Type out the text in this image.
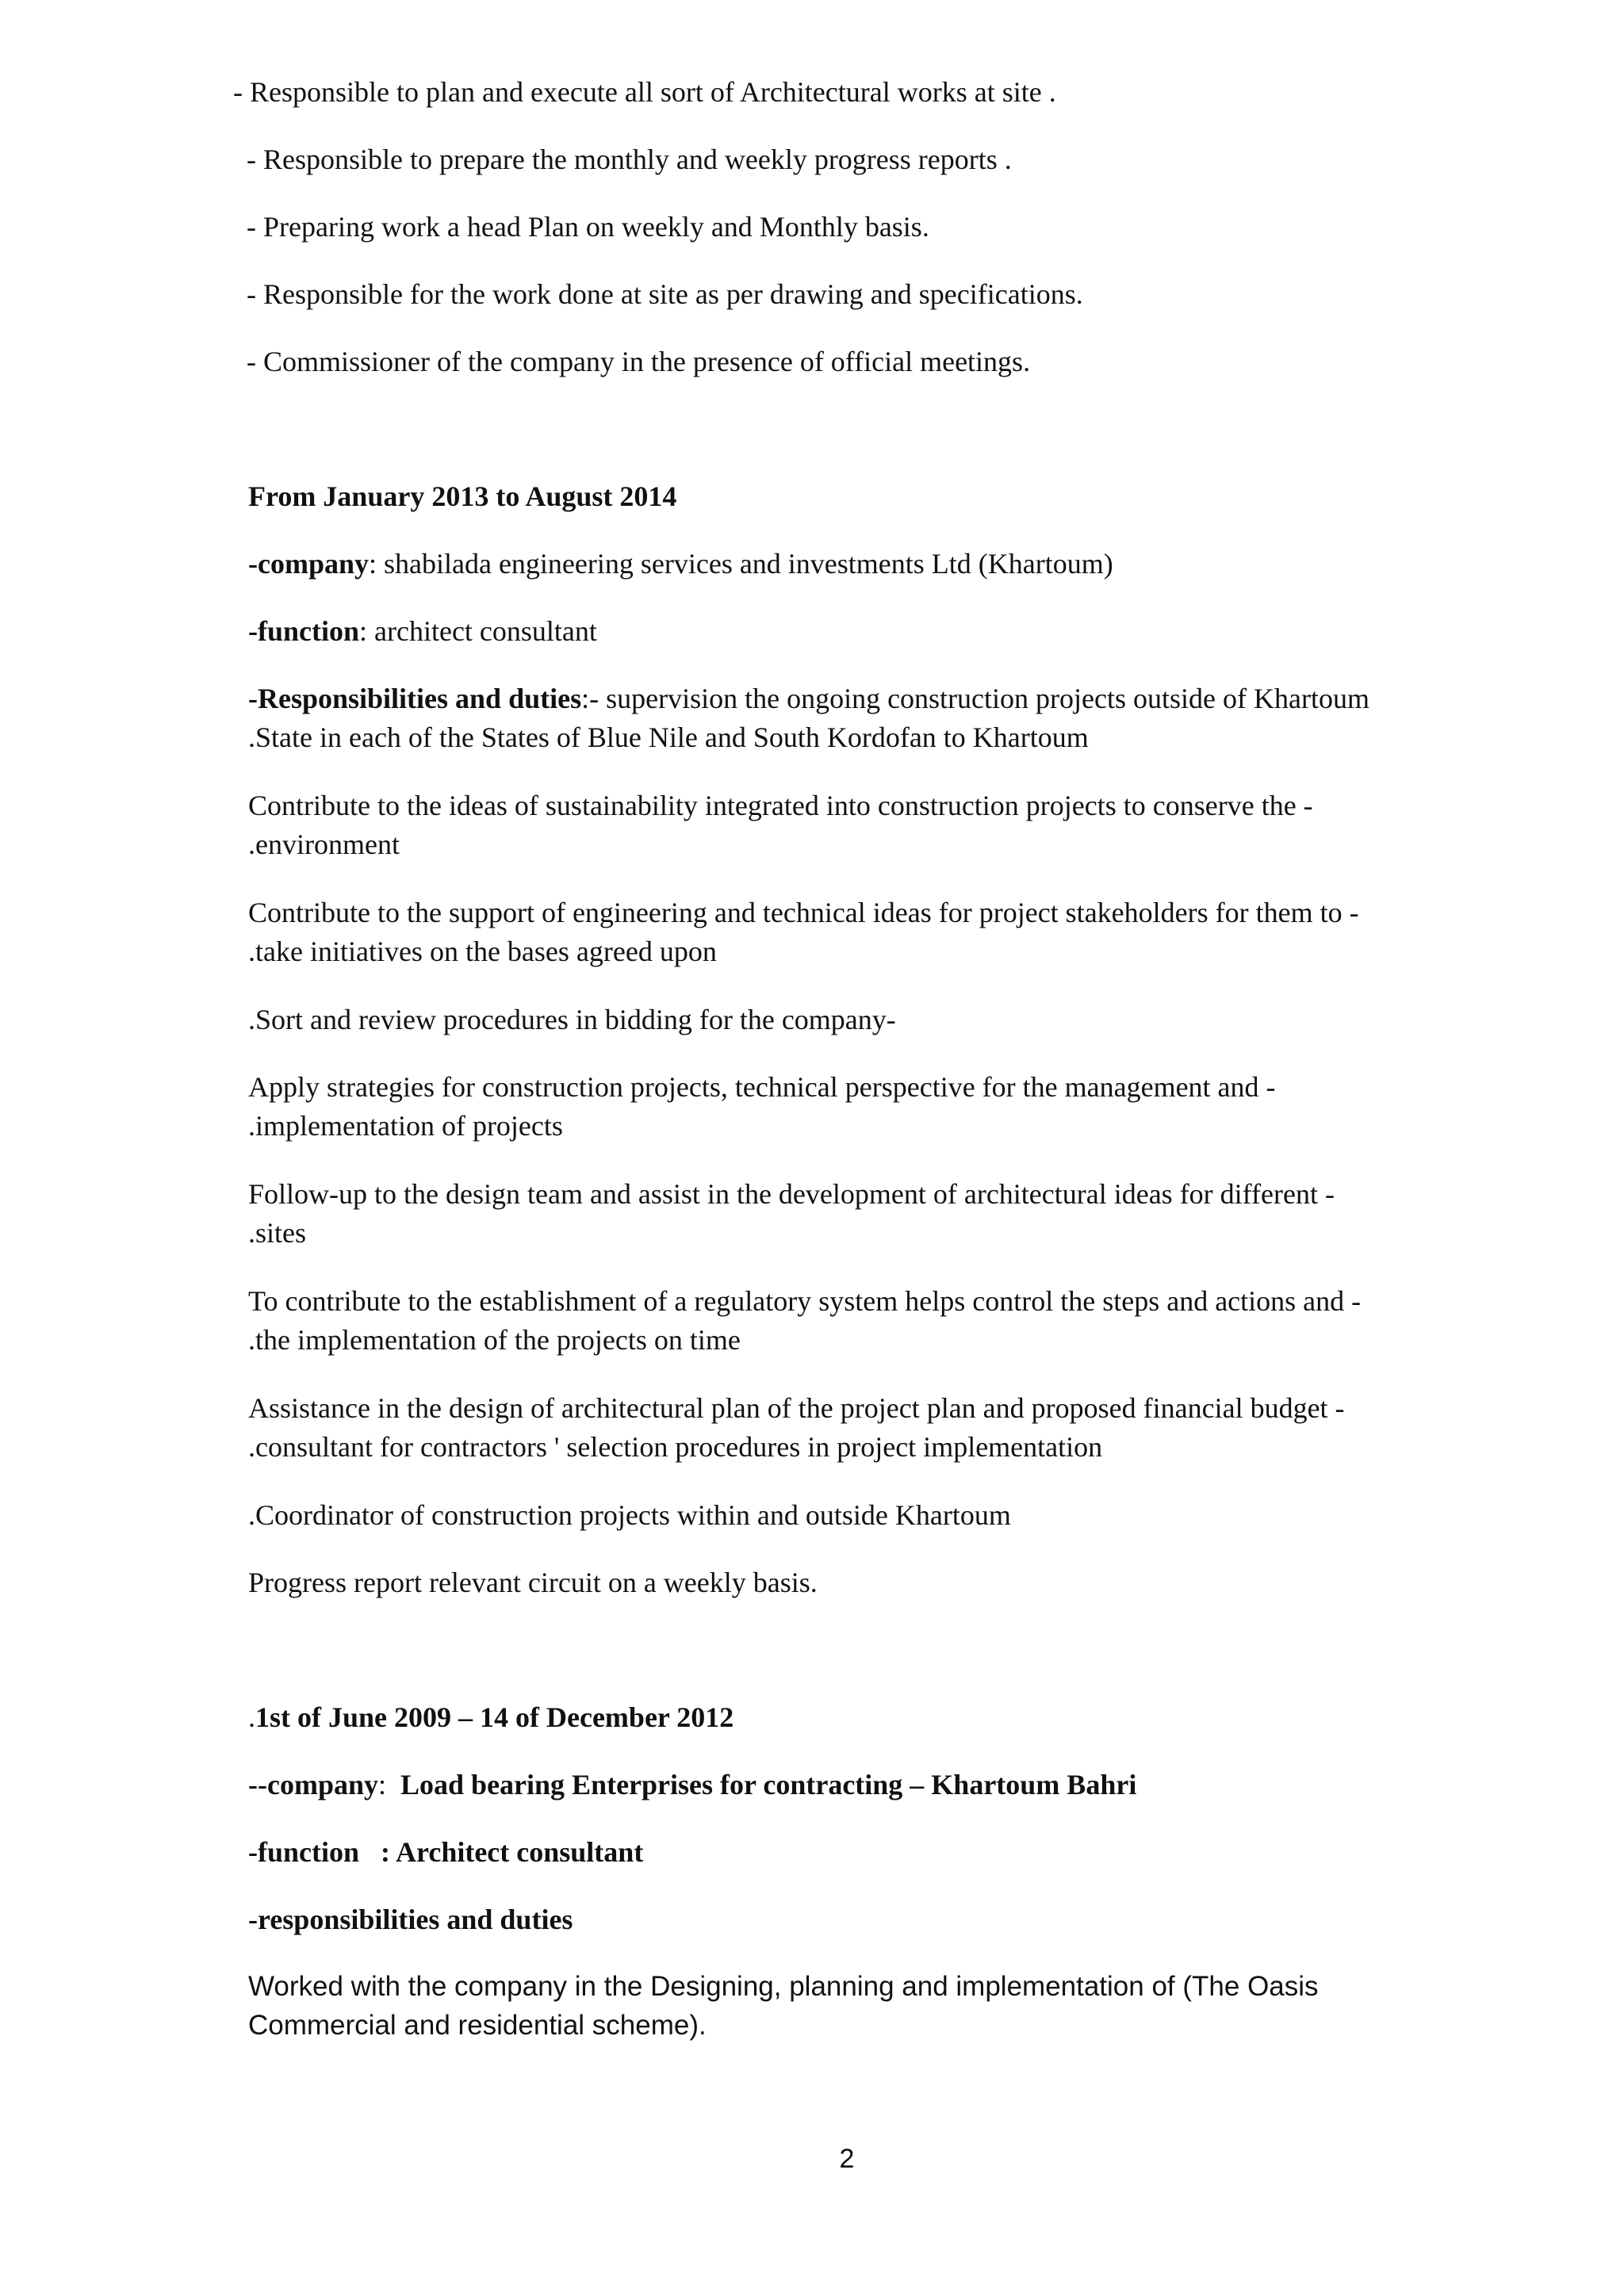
- Responsible to plan and execute all sort of Architectural works at site .
- Responsible to prepare the monthly and weekly progress reports .
- Preparing work a head Plan on weekly and Monthly basis.
- Responsible for the work done at site as per drawing and specifications.
- Commissioner of the company in the presence of official meetings.
From January 2013 to August 2014
-company: shabilada engineering services and investments Ltd (Khartoum)
-function: architect consultant
-Responsibilities and duties:- supervision the ongoing construction projects outside of Khartoum
.State in each of the States of Blue Nile and South Kordofan to Khartoum
Contribute to the ideas of sustainability integrated into construction projects to conserve the -
.environment
Contribute to the support of engineering and technical ideas for project stakeholders for them to -
.take initiatives on the bases agreed upon
.Sort and review procedures in bidding for the company-
Apply strategies for construction projects, technical perspective for the management and -
.implementation of projects
Follow-up to the design team and assist in the development of architectural ideas for different -
.sites
To contribute to the establishment of a regulatory system helps control the steps and actions and -
.the implementation of the projects on time
Assistance in the design of architectural plan of the project plan and proposed financial budget -
.consultant for contractors ' selection procedures in project implementation
.Coordinator of construction projects within and outside Khartoum
Progress report relevant circuit on a weekly basis.
.1st of June 2009 – 14 of December 2012
--company:  Load bearing Enterprises for contracting – Khartoum Bahri
-function   : Architect consultant
-responsibilities and duties
Worked with the company in the Designing, planning and implementation of (The Oasis
Commercial and residential scheme).
2
